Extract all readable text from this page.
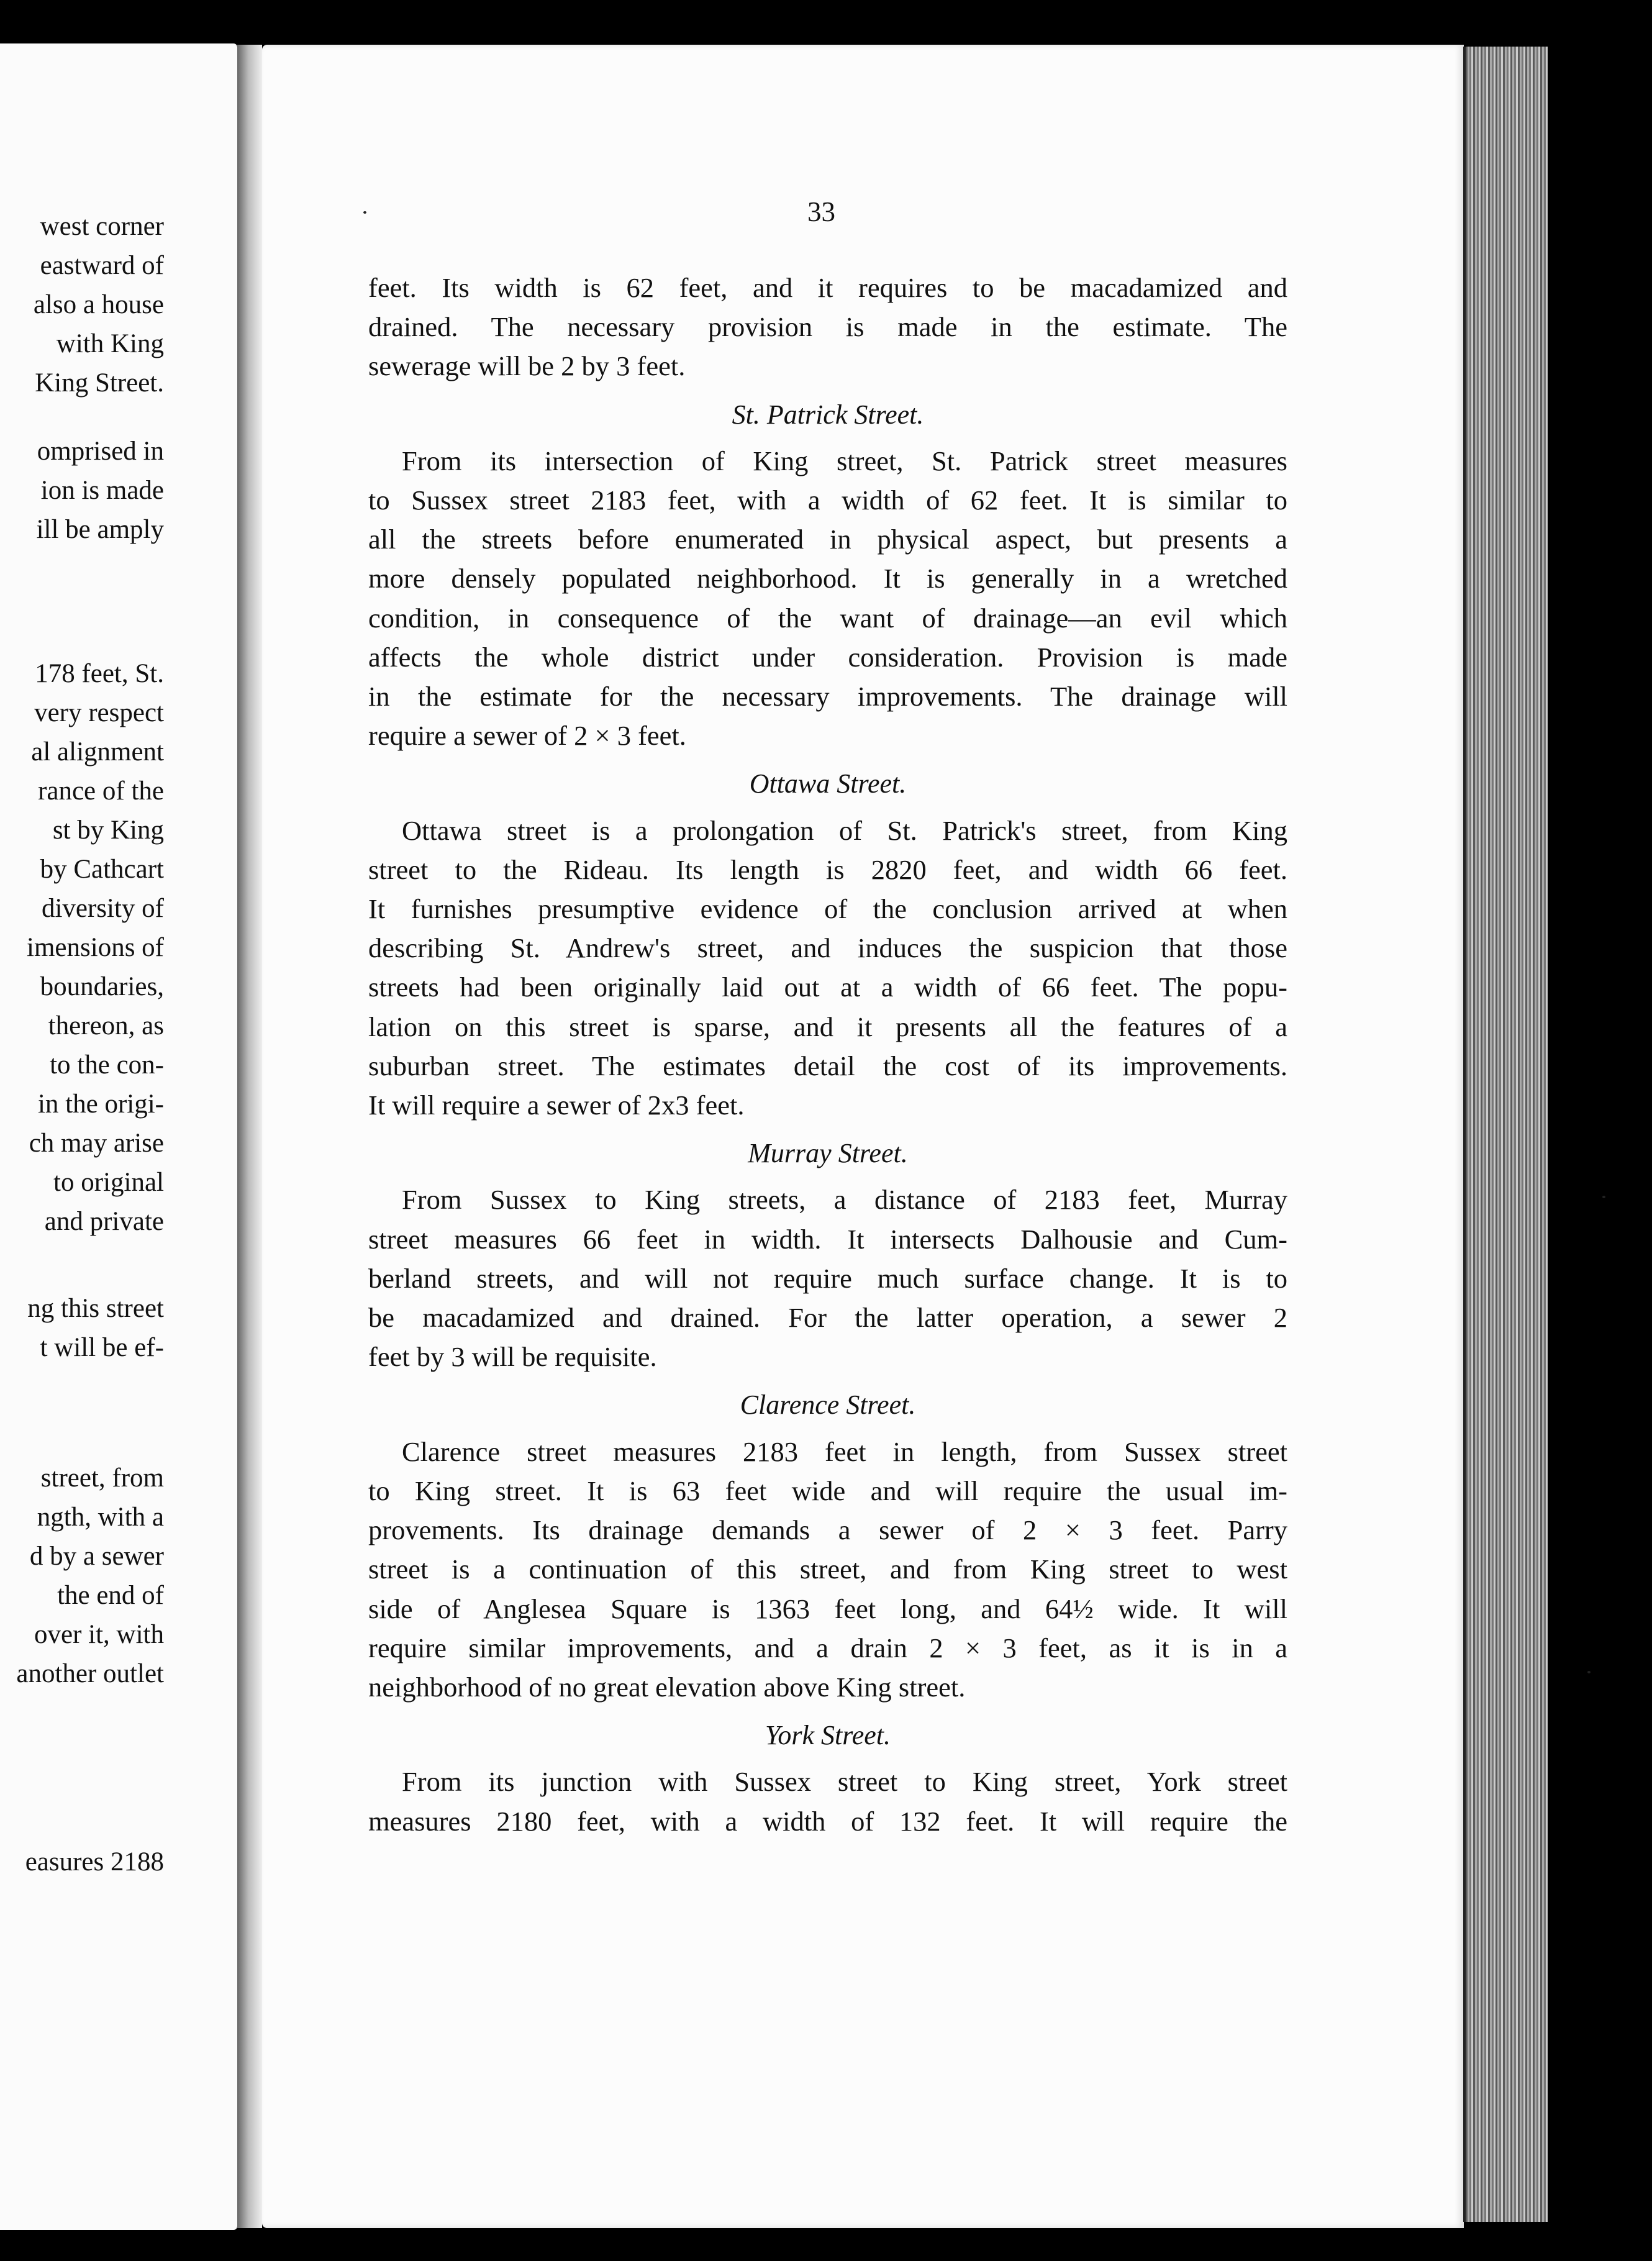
west corner
eastward of
also a house
with King
King Street.
omprised in
ion is made
ill be amply
178 feet, St.
very respect
al alignment
rance of the
st by King
by Cathcart
diversity of
imensions of
boundaries,
thereon, as
to the con-
in the origi-
ch may arise
to original
and private
ng this street
t will be ef-
street, from
ngth, with a
d by a sewer
the end of
over it, with
another outlet
easures 2188
33
feet. Its width is 62 feet, and it requires to be macadamized and
drained. The necessary provision is made in the estimate. The
sewerage will be 2 by 3 feet.
St. Patrick Street.
From its intersection of King street, St. Patrick street measures
to Sussex street 2183 feet, with a width of 62 feet. It is similar to
all the streets before enumerated in physical aspect, but presents a
more densely populated neighborhood. It is generally in a wretched
condition, in consequence of the want of drainage—an evil which
affects the whole district under consideration. Provision is made
in the estimate for the necessary improvements. The drainage will
require a sewer of 2 × 3 feet.
Ottawa Street.
Ottawa street is a prolongation of St. Patrick's street, from King
street to the Rideau. Its length is 2820 feet, and width 66 feet.
It furnishes presumptive evidence of the conclusion arrived at when
describing St. Andrew's street, and induces the suspicion that those
streets had been originally laid out at a width of 66 feet. The popu-
lation on this street is sparse, and it presents all the features of a
suburban street. The estimates detail the cost of its improvements.
It will require a sewer of 2x3 feet.
Murray Street.
From Sussex to King streets, a distance of 2183 feet, Murray
street measures 66 feet in width. It intersects Dalhousie and Cum-
berland streets, and will not require much surface change. It is to
be macadamized and drained. For the latter operation, a sewer 2
feet by 3 will be requisite.
Clarence Street.
Clarence street measures 2183 feet in length, from Sussex street
to King street. It is 63 feet wide and will require the usual im-
provements. Its drainage demands a sewer of 2 × 3 feet. Parry
street is a continuation of this street, and from King street to west
side of Anglesea Square is 1363 feet long, and 64½ wide. It will
require similar improvements, and a drain 2 × 3 feet, as it is in a
neighborhood of no great elevation above King street.
York Street.
From its junction with Sussex street to King street, York street
measures 2180 feet, with a width of 132 feet. It will require the
